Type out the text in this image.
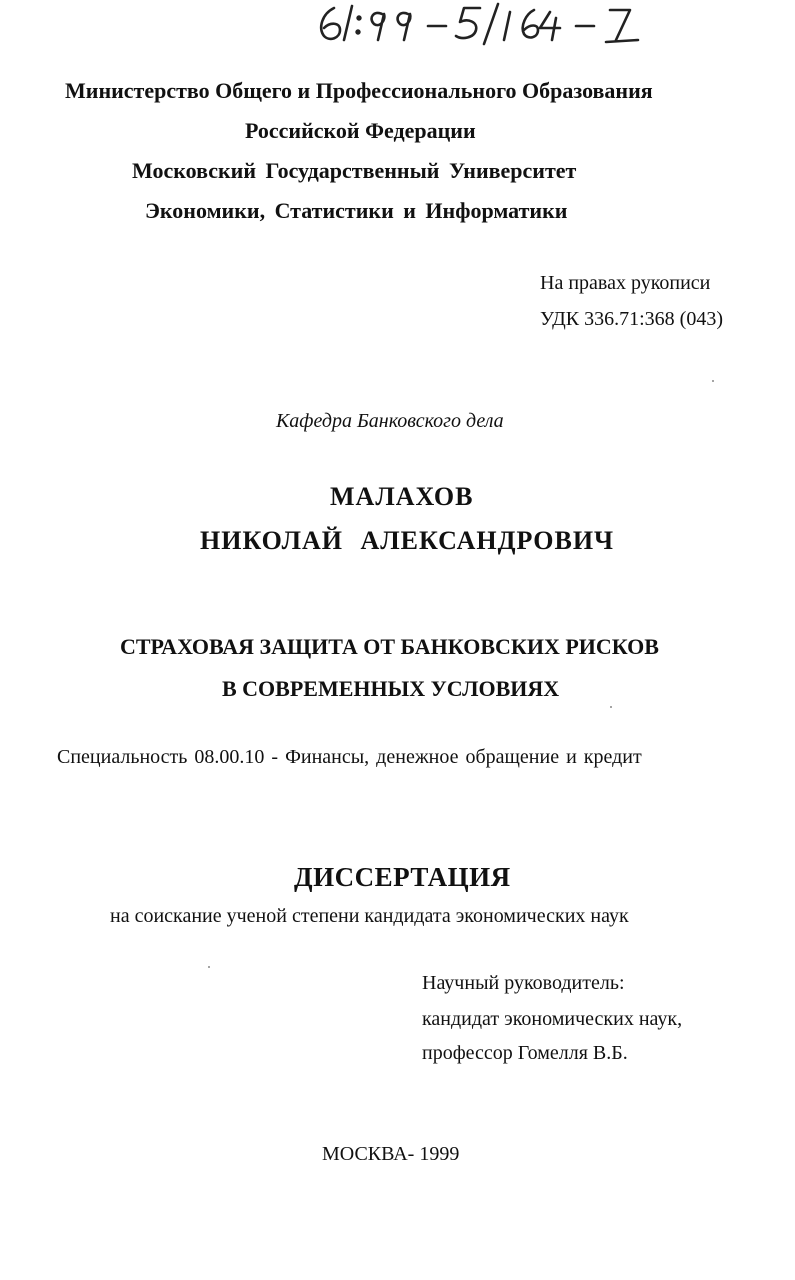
Министерство Общего и Профессионального Образования
Российской Федерации
Московский Государственный Университет
Экономики, Статистики и Информатики
На правах рукописи
УДК 336.71:368 (043)
Кафедра Банковского дела
МАЛАХОВ
НИКОЛАЙ АЛЕКСАНДРОВИЧ
СТРАХОВАЯ ЗАЩИТА ОТ БАНКОВСКИХ РИСКОВ
В СОВРЕМЕННЫХ УСЛОВИЯХ
Специальность 08.00.10 - Финансы, денежное обращение и кредит
ДИССЕРТАЦИЯ
на соискание ученой степени кандидата экономических наук
Научный руководитель:
кандидат экономических наук,
профессор Гомелля В.Б.
МОСКВА- 1999
